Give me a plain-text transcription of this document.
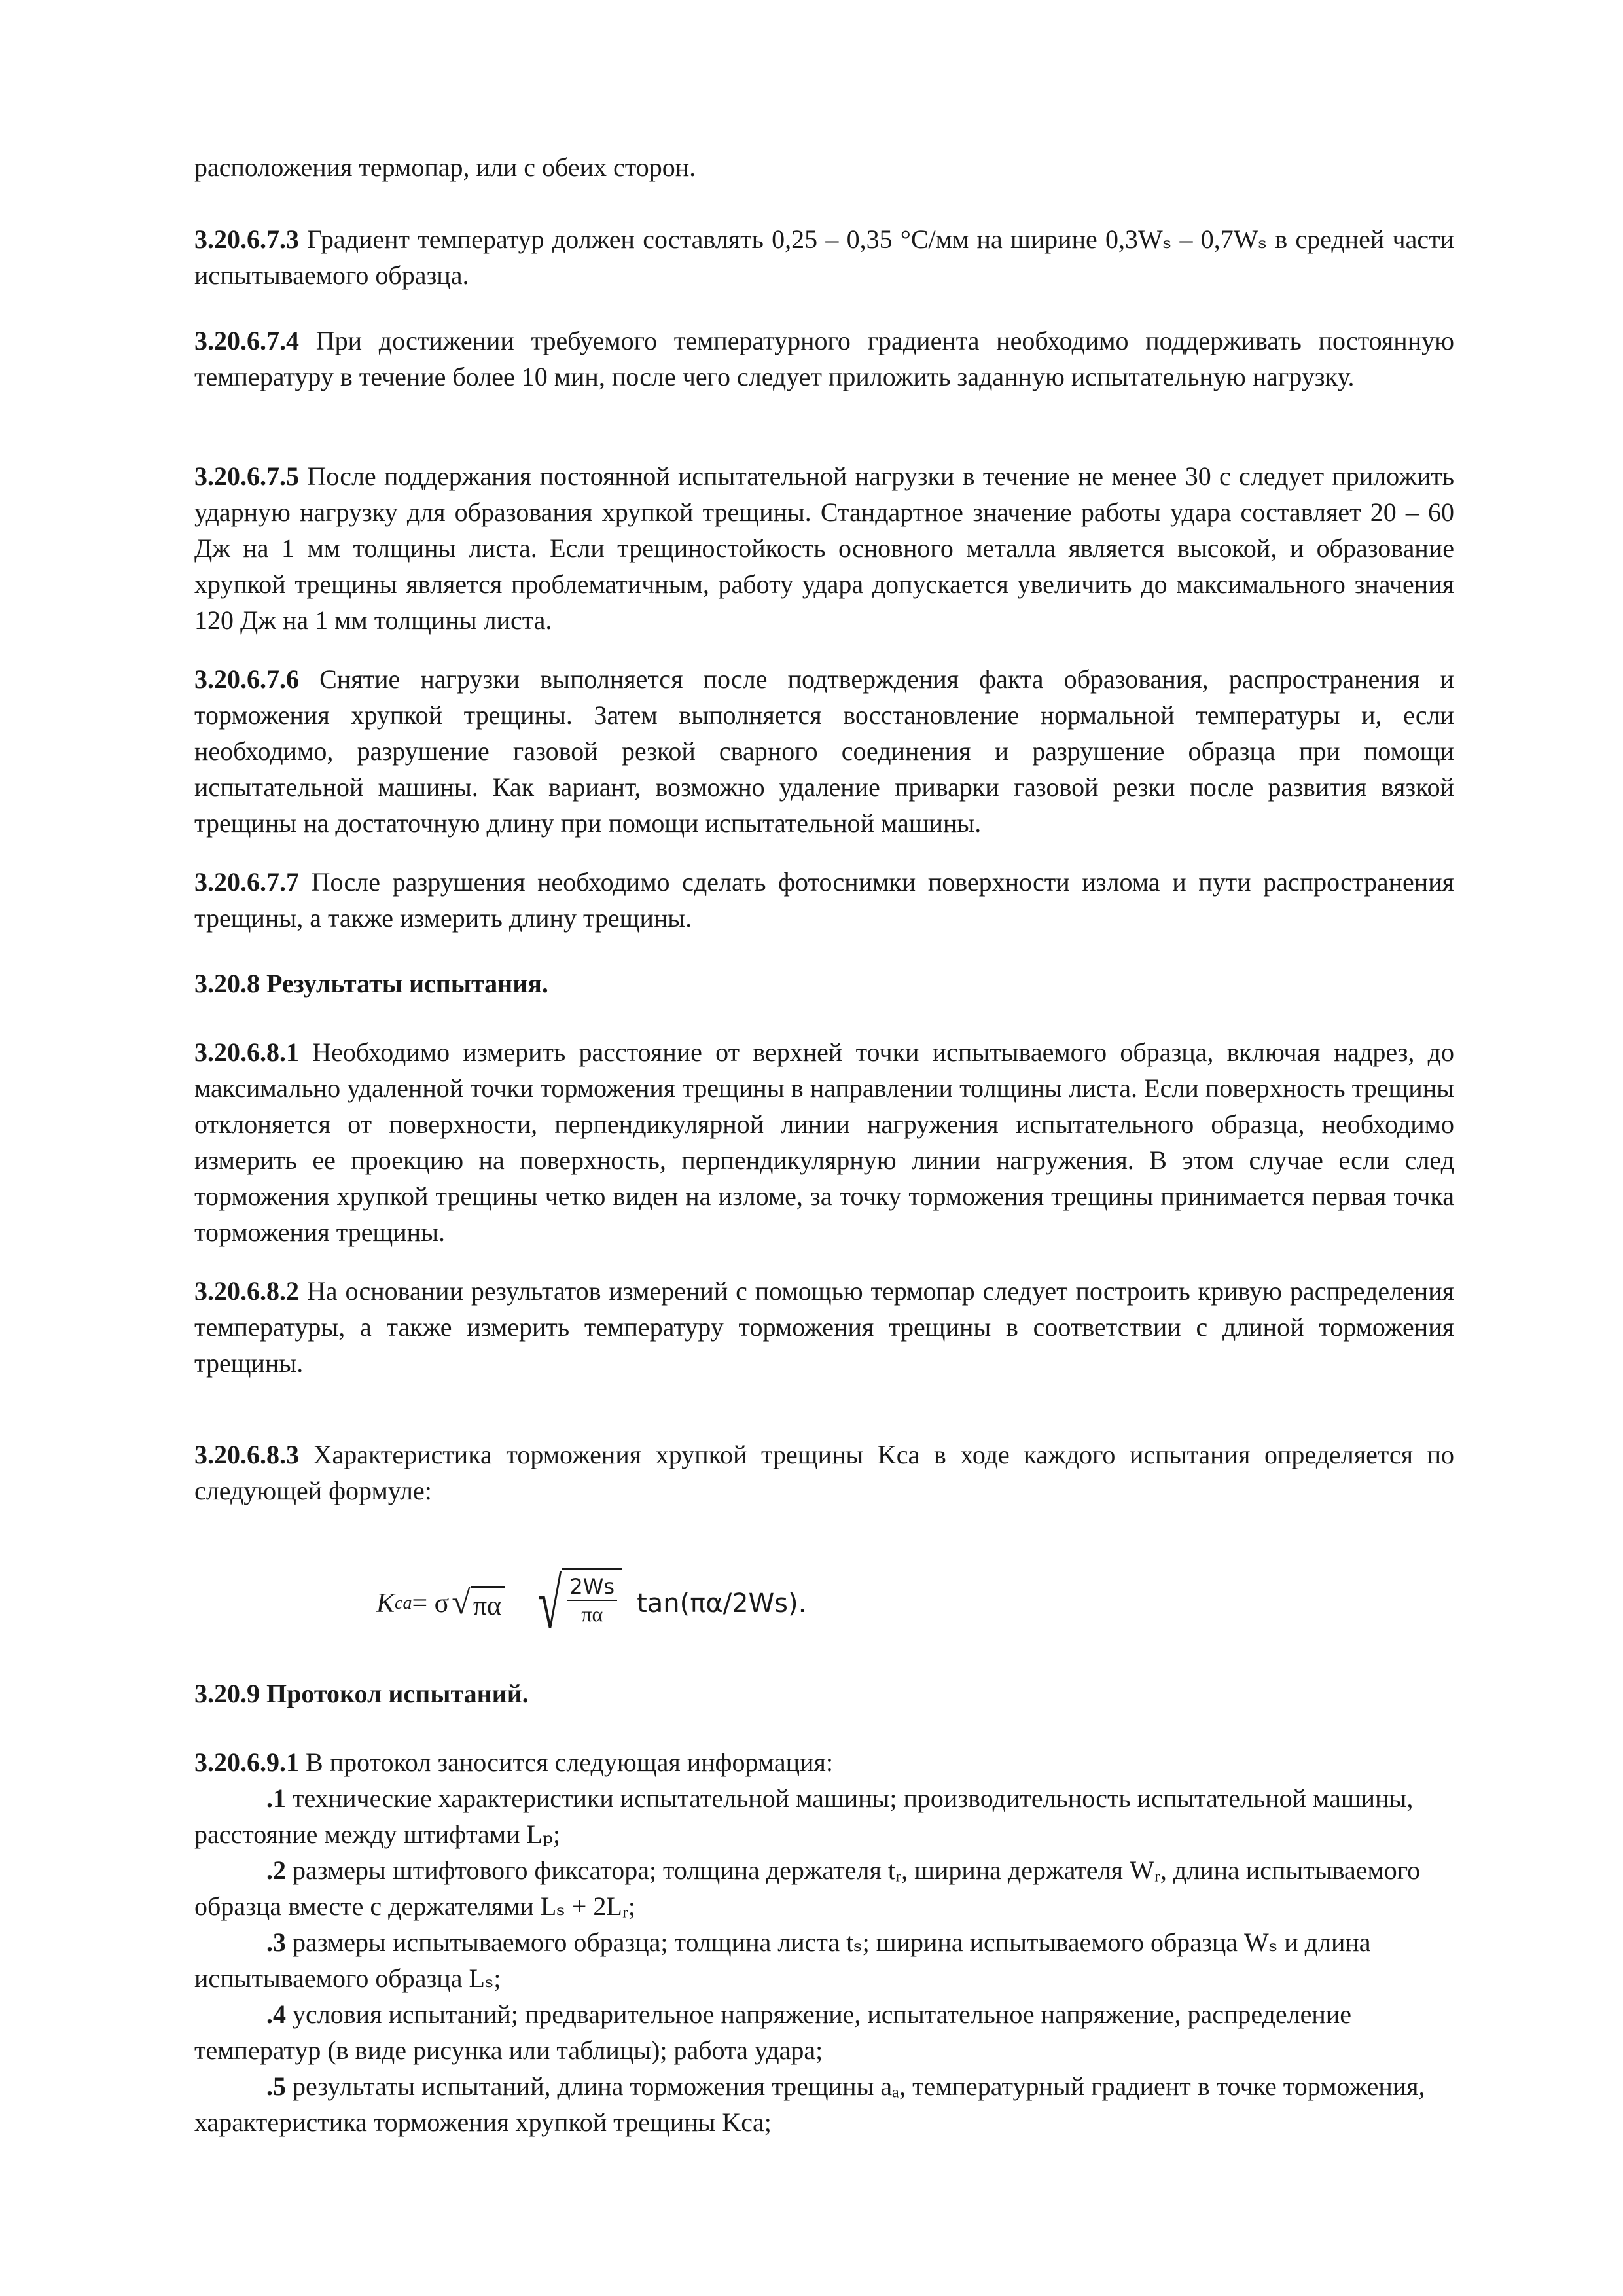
расположения термопар, или с обеих сторон.

3.20.6.7.3 Градиент температур должен составлять 0,25 – 0,35 °С/мм на ширине 0,3Wₛ – 0,7Wₛ в средней части испытываемого образца.

3.20.6.7.4 При достижении требуемого температурного градиента необходимо поддерживать постоянную температуру в течение более 10 мин, после чего следует приложить заданную испытательную нагрузку.

3.20.6.7.5 После поддержания постоянной испытательной нагрузки в течение не менее 30 с следует приложить ударную нагрузку для образования хрупкой трещины. Стандартное значение работы удара составляет 20 – 60 Дж на 1 мм толщины листа. Если трещиностойкость основного металла является высокой, и образование хрупкой трещины является проблематичным, работу удара допускается увеличить до максимального значения 120 Дж на 1 мм толщины листа.

3.20.6.7.6 Снятие нагрузки выполняется после подтверждения факта образования, распространения и торможения хрупкой трещины. Затем выполняется восстановление нормальной температуры и, если необходимо, разрушение газовой резкой сварного соединения и разрушение образца при помощи испытательной машины. Как вариант, возможно удаление приварки газовой резки после развития вязкой трещины на достаточную длину при помощи испытательной машины.

3.20.6.7.7 После разрушения необходимо сделать фотоснимки поверхности излома и пути распространения трещины, а также измерить длину трещины.

3.20.8 Результаты испытания.

3.20.6.8.1 Необходимо измерить расстояние от верхней точки испытываемого образца, включая надрез, до максимально удаленной точки торможения трещины в направлении толщины листа. Если поверхность трещины отклоняется от поверхности, перпендикулярной линии нагружения испытательного образца, необходимо измерить ее проекцию на поверхность, перпендикулярную линии нагружения. В этом случае если след торможения хрупкой трещины четко виден на изломе, за точку торможения трещины принимается первая точка торможения трещины.

3.20.6.8.2 На основании результатов измерений с помощью термопар следует построить кривую распределения температуры, а также измерить температуру торможения трещины в соответствии с длиной торможения трещины.

3.20.6.8.3 Характеристика торможения хрупкой трещины Kca в ходе каждого испытания определяется по следующей формуле:

K ca = σ √ πα √ $\frac{2Ws}{\pi\alpha} \tan(\pi\alpha/2Ws)$.

3.20.9 Протокол испытаний.

3.20.6.9.1 В протокол заносится следующая информация:

.1 технические характеристики испытательной машины; производительность испытательной машины, расстояние между штифтами Lₚ;

.2 размеры штифтового фиксатора; толщина держателя tᵣ, ширина держателя Wᵣ, длина испытываемого образца вместе с держателями Lₛ + 2Lᵣ;

.3 размеры испытываемого образца; толщина листа tₛ; ширина испытываемого образца Wₛ и длина испытываемого образца Lₛ;

.4 условия испытаний; предварительное напряжение, испытательное напряжение, распределение температур (в виде рисунка или таблицы); работа удара;

.5 результаты испытаний, длина торможения трещины aₐ, температурный градиент в точке торможения, характеристика торможения хрупкой трещины Kca;
